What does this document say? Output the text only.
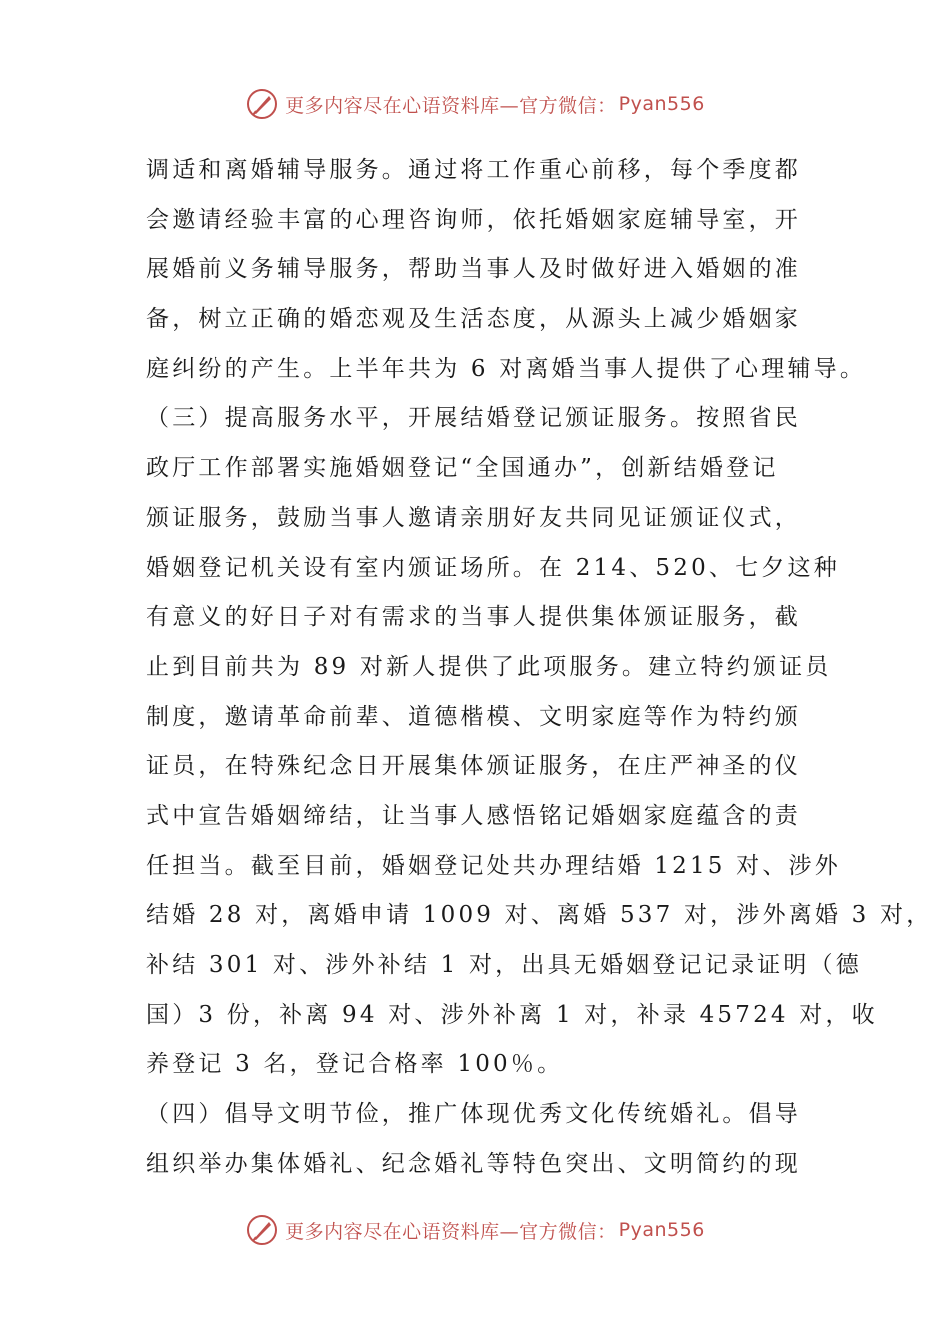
更多内容尽在心语资料库—官方微信： Pyan556
调适和离婚辅导服务。通过将工作重心前移，每个季度都
会邀请经验丰富的心理咨询师，依托婚姻家庭辅导室，开
展婚前义务辅导服务，帮助当事人及时做好进入婚姻的准
备，树立正确的婚恋观及生活态度，从源头上减少婚姻家
庭纠纷的产生。上半年共为 6 对离婚当事人提供了心理辅导。
（三）提高服务水平，开展结婚登记颁证服务。按照省民
政厅工作部署实施婚姻登记“全国通办”，创新结婚登记
颁证服务，鼓励当事人邀请亲朋好友共同见证颁证仪式，
婚姻登记机关设有室内颁证场所。在 214、520、七夕这种
有意义的好日子对有需求的当事人提供集体颁证服务，截
止到目前共为 89 对新人提供了此项服务。建立特约颁证员
制度，邀请革命前辈、道德楷模、文明家庭等作为特约颁
证员，在特殊纪念日开展集体颁证服务，在庄严神圣的仪
式中宣告婚姻缔结，让当事人感悟铭记婚姻家庭蕴含的责
任担当。截至目前，婚姻登记处共办理结婚 1215 对、涉外
结婚 28 对，离婚申请 1009 对、离婚 537 对，涉外离婚 3 对，
补结 301 对、涉外补结 1 对，出具无婚姻登记记录证明（德
国）3 份，补离 94 对、涉外补离 1 对，补录 45724 对，收
养登记 3 名，登记合格率 100％。
（四）倡导文明节俭，推广体现优秀文化传统婚礼。倡导
组织举办集体婚礼、纪念婚礼等特色突出、文明简约的现
更多内容尽在心语资料库—官方微信： Pyan556
